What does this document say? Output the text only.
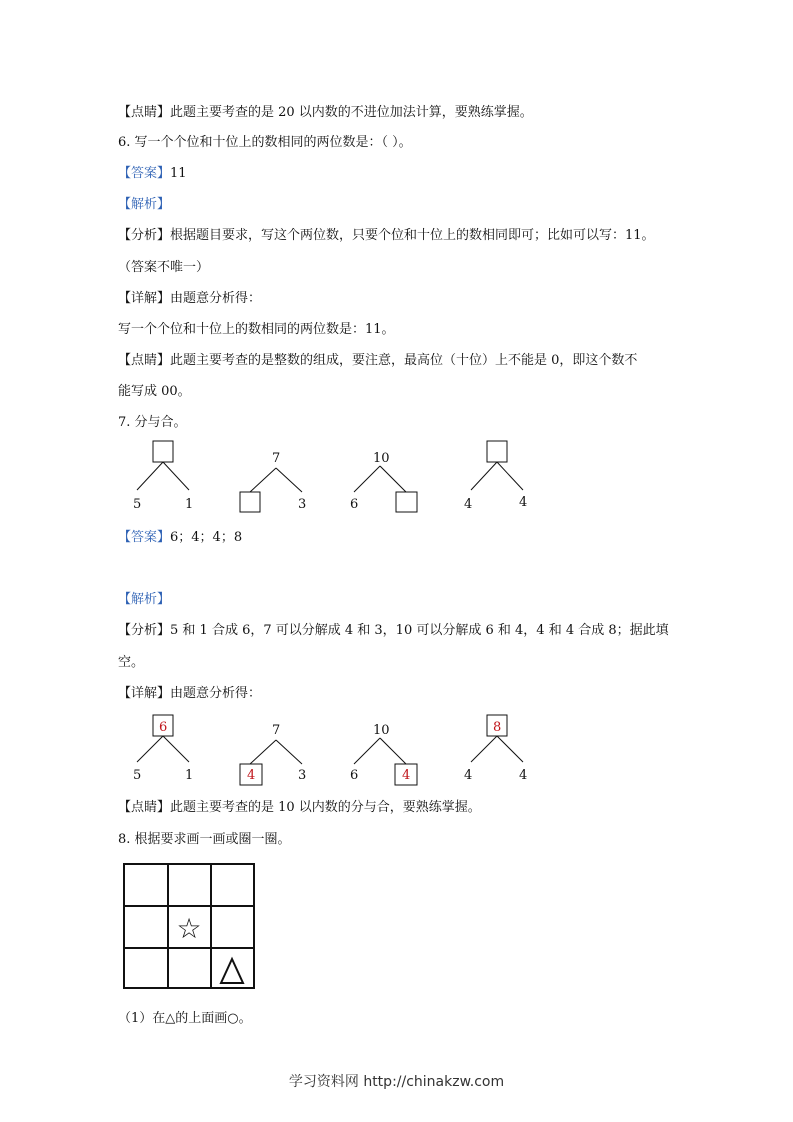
【点睛】此题主要考查的是 20 以内数的不进位加法计算，要熟练掌握。
6. 写一个个位和十位上的数相同的两位数是：（ ）。
【答案】11
【解析】
【分析】根据题目要求，写这个两位数，只要个位和十位上的数相同即可；比如可以写：11。
（答案不唯一）
【详解】由题意分析得：
写一个个位和十位上的数相同的两位数是：11。
【点睛】此题主要考查的是整数的组成，要注意，最高位（十位）上不能是 0，即这个数不
能写成 00。
7. 分与合。
【答案】6；4；4；8
【解析】
【分析】5 和 1 合成 6，7 可以分解成 4 和 3，10 可以分解成 6 和 4，4 和 4 合成 8；据此填
空。
【详解】由题意分析得：
【点睛】此题主要考查的是 10 以内数的分与合，要熟练掌握。
8. 根据要求画一画或圈一圈。
（1）在△的上面画○。
5	1
7
3
10
6	4	4
6
5	1
7
4	3
10
6	4
8
4	4
☆
学习资料网 http://chinakzw.com
